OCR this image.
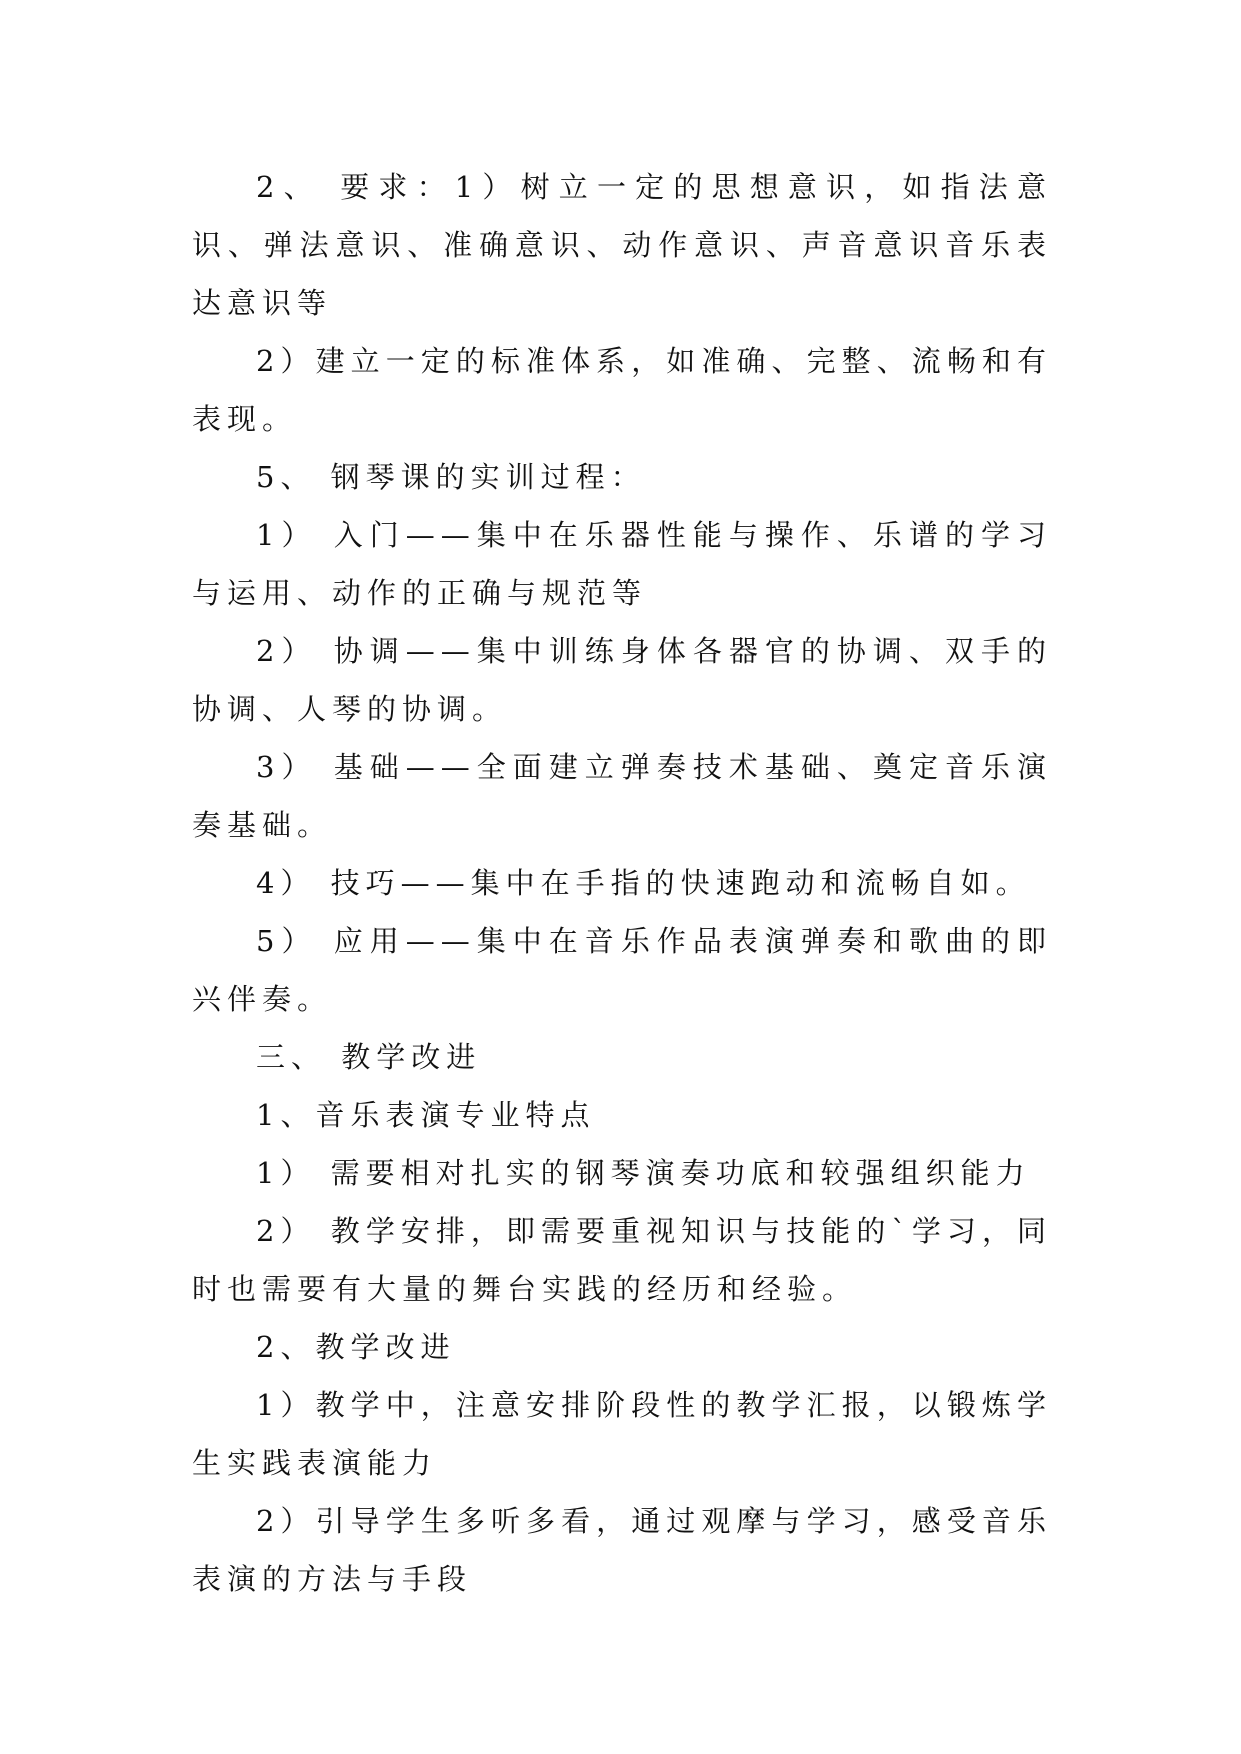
2、 要求：1）树立一定的思想意识，如指法意识、弹法意识、准确意识、动作意识、声音意识音乐表达意识等

2）建立一定的标准体系，如准确、完整、流畅和有表现。

5、 钢琴课的实训过程：

1） 入门——集中在乐器性能与操作、乐谱的学习与运用、动作的正确与规范等

2） 协调——集中训练身体各器官的协调、双手的协调、人琴的协调。

3） 基础——全面建立弹奏技术基础、奠定音乐演奏基础。

4） 技巧——集中在手指的快速跑动和流畅自如。

5） 应用——集中在音乐作品表演弹奏和歌曲的即兴伴奏。

三、 教学改进

1、音乐表演专业特点

1） 需要相对扎实的钢琴演奏功底和较强组织能力

2） 教学安排，即需要重视知识与技能的`学习，同时也需要有大量的舞台实践的经历和经验。

2、教学改进

1）教学中，注意安排阶段性的教学汇报，以锻炼学生实践表演能力

2）引导学生多听多看，通过观摩与学习，感受音乐表演的方法与手段
